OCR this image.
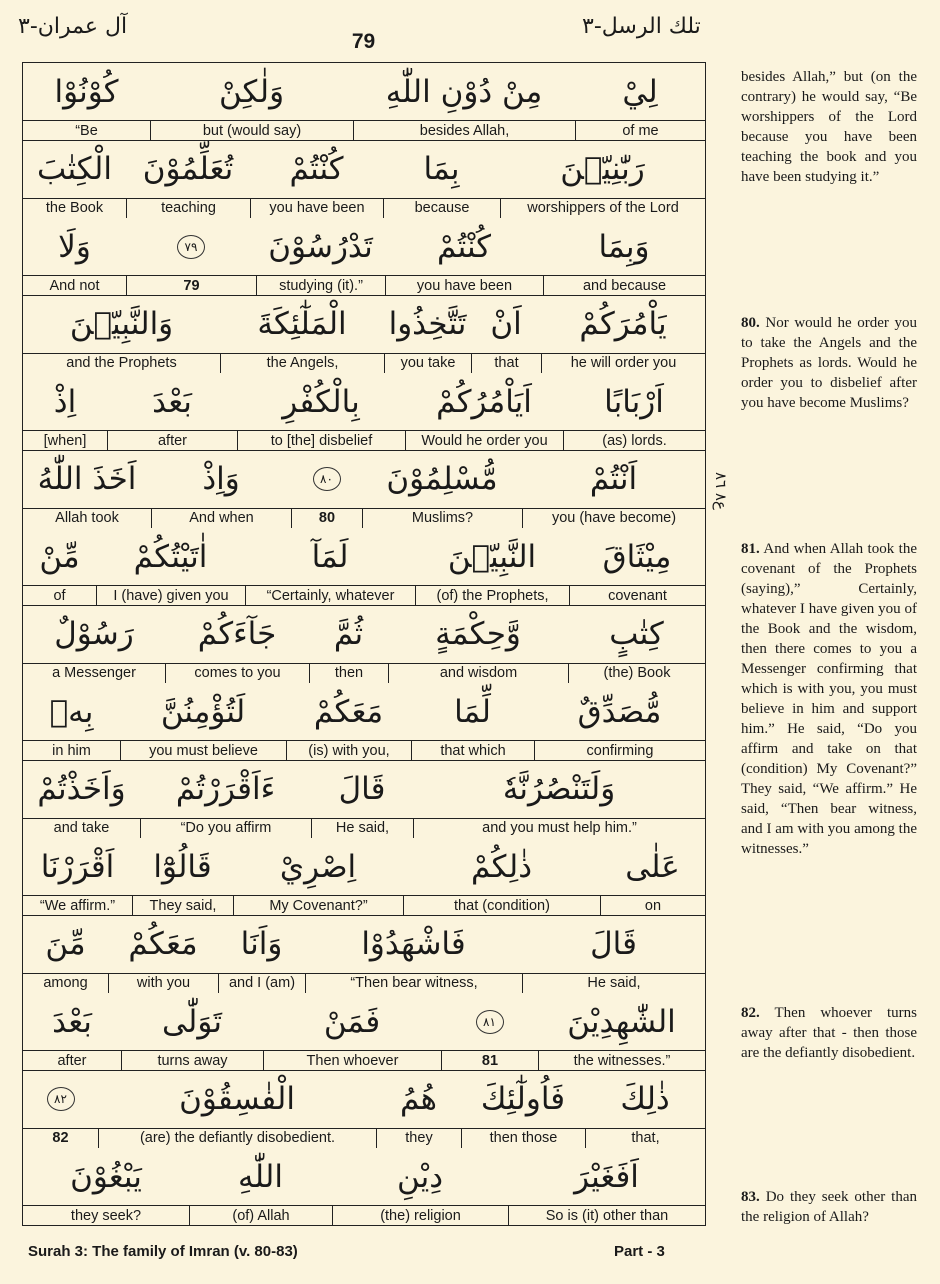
آل عمران-٣
79
تلك الرسل-٣
لِيْ
of me
مِنْ دُوْنِ اللّٰهِ
besides Allah,
وَلٰكِنْ
but (would say)
كُوْنُوْا
“Be
رَبّٰنِيّٖنَ
worshippers of the Lord
بِمَا
because
كُنْتُمْ
you have been
تُعَلِّمُوْنَ
teaching
الْكِتٰبَ
the Book
وَبِمَا
and because
كُنْتُمْ
you have been
تَدْرُسُوْنَ
studying (it).”
٧٩
79
وَلَا
And not
يَاْمُرَكُمْ
he will order you
اَنْ
that
تَتَّخِذُوا
you take
الْمَلٰٓئِكَةَ
the Angels,
وَالنَّبِيّٖنَ
and the Prophets
اَرْبَابًا
(as) lords.
اَيَاْمُرُكُمْ
Would he order you
بِالْكُفْرِ
to [the] disbelief
بَعْدَ
after
اِذْ
[when]
اَنْتُمْ
you (have become)
مُّسْلِمُوْنَ
Muslims?
٨٠
80
وَاِذْ
And when
اَخَذَ اللّٰهُ
Allah took
مِيْثَاقَ
covenant
النَّبِيّٖنَ
(of) the Prophets,
لَمَآ
“Certainly, whatever
اٰتَيْتُكُمْ
I (have) given you
مِّنْ
of
كِتٰبٍ
(the) Book
وَّحِكْمَةٍ
and wisdom
ثُمَّ
then
جَآءَكُمْ
comes to you
رَسُوْلٌ
a Messenger
مُّصَدِّقٌ
confirming
لِّمَا
that which
مَعَكُمْ
(is) with you,
لَتُؤْمِنُنَّ
you must believe
بِهٖ
in him
وَلَتَنْصُرُنَّهٗ
and you must help him.”
قَالَ
He said,
ءَاَقْرَرْتُمْ
“Do you affirm
وَاَخَذْتُمْ
and take
عَلٰى
on
ذٰلِكُمْ
that (condition)
اِصْرِيْ
My Covenant?”
قَالُوْٓا
They said,
اَقْرَرْنَا
“We affirm.”
قَالَ
He said,
فَاشْهَدُوْا
“Then bear witness,
وَاَنَا
and I (am)
مَعَكُمْ
with you
مِّنَ
among
الشّٰهِدِيْنَ
the witnesses.”
٨١
81
فَمَنْ
Then whoever
تَوَلّٰى
turns away
بَعْدَ
after
ذٰلِكَ
that,
فَاُولٰٓئِكَ
then those
هُمُ
they
الْفٰسِقُوْنَ
(are) the defiantly disobedient.
٨٢
82
اَفَغَيْرَ
So is (it) other than
دِيْنِ
(the) religion
اللّٰهِ
(of) Allah
يَبْغُوْنَ
they seek?
ع٨ ٨٦
besides Allah,” but (on the contrary) he would say, “Be worshippers of the Lord because you have been teaching the book and you have been studying it.”
80. Nor would he order you to take the Angels and the Prophets as lords. Would he order you to disbelief after you have become Muslims?
81. And when Allah took the covenant of the Prophets (saying),” Certainly, whatever I have given you of the Book and the wisdom, then there comes to you a Messenger confirming that which is with you, you must believe in him and support him.” He said, “Do you affirm and take on that (condition) My Covenant?” They said, “We affirm.” He said, “Then bear witness, and I am with you among the witnesses.”
82. Then whoever turns away after that - then those are the defiantly disobedient.
83. Do they seek other than the religion of Allah?
Surah 3: The family of Imran (v. 80-83)	Part - 3
